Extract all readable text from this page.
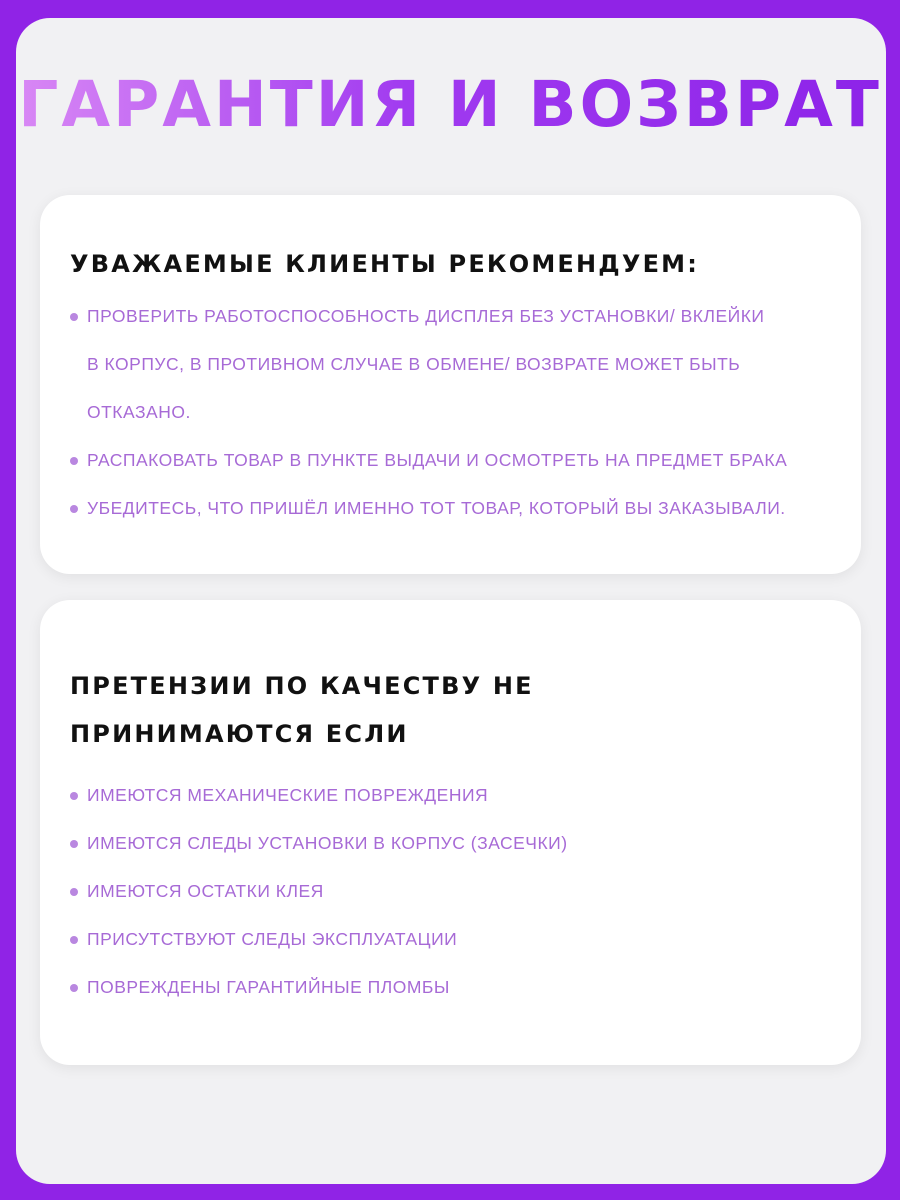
ГАРАНТИЯ И ВОЗВРАТ
УВАЖАЕМЫЕ КЛИЕНТЫ РЕКОМЕНДУЕМ:
ПРОВЕРИТЬ РАБОТОСПОСОБНОСТЬ ДИСПЛЕЯ БЕЗ УСТАНОВКИ/ ВКЛЕЙКИ
В КОРПУС, В ПРОТИВНОМ СЛУЧАЕ В ОБМЕНЕ/ ВОЗВРАТЕ МОЖЕТ БЫТЬ
ОТКАЗАНО.
РАСПАКОВАТЬ ТОВАР В ПУНКТЕ ВЫДАЧИ И ОСМОТРЕТЬ НА ПРЕДМЕТ БРАКА
УБЕДИТЕСЬ, ЧТО ПРИШЁЛ ИМЕННО ТОТ ТОВАР, КОТОРЫЙ ВЫ ЗАКАЗЫВАЛИ.
ПРЕТЕНЗИИ ПО КАЧЕСТВУ НЕ
ПРИНИМАЮТСЯ ЕСЛИ
ИМЕЮТСЯ МЕХАНИЧЕСКИЕ ПОВРЕЖДЕНИЯ
ИМЕЮТСЯ СЛЕДЫ УСТАНОВКИ В КОРПУС (ЗАСЕЧКИ)
ИМЕЮТСЯ ОСТАТКИ КЛЕЯ
ПРИСУТСТВУЮТ СЛЕДЫ ЭКСПЛУАТАЦИИ
ПОВРЕЖДЕНЫ ГАРАНТИЙНЫЕ ПЛОМБЫ
